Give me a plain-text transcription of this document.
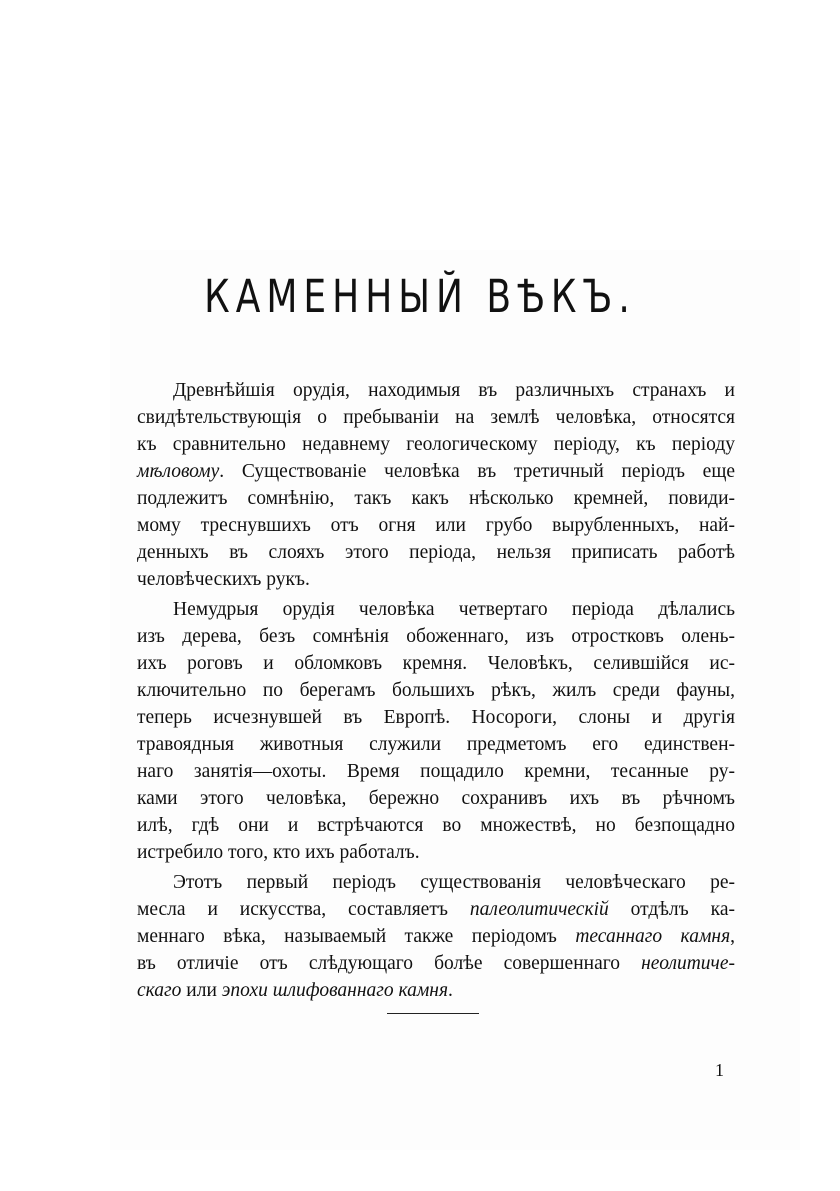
КАМЕННЫЙ ВѢКЪ.
Древнѣйшія орудія, находимыя въ различныхъ странахъ и
свидѣтельствующія о пребываніи на землѣ человѣка, относятся
къ сравнительно недавнему геологическому періоду, къ періоду
мѣловому. Существованіе человѣка въ третичный періодъ еще
подлежитъ сомнѣнію, такъ какъ нѣсколько кремней, повиди-
мому треснувшихъ отъ огня или грубо вырубленныхъ, най-
денныхъ въ слояхъ этого періода, нельзя приписать работѣ
человѣческихъ рукъ.
Немудрыя орудія человѣка четвертаго періода дѣлались
изъ дерева, безъ сомнѣнія обоженнаго, изъ отростковъ олень-
ихъ роговъ и обломковъ кремня. Человѣкъ, селившійся ис-
ключительно по берегамъ большихъ рѣкъ, жилъ среди фауны,
теперь исчезнувшей въ Европѣ. Носороги, слоны и другія
травоядныя животныя служили предметомъ его единствен-
наго занятія—охоты. Время пощадило кремни, тесанные ру-
ками этого человѣка, бережно сохранивъ ихъ въ рѣчномъ
илѣ, гдѣ они и встрѣчаются во множествѣ, но безпощадно
истребило того, кто ихъ работалъ.
Этотъ первый періодъ существованія человѣческаго ре-
месла и искусства, составляетъ палеолитическій отдѣлъ ка-
меннаго вѣка, называемый также періодомъ тесаннаго камня,
въ отличіе отъ слѣдующаго болѣе совершеннаго неолитиче-
скаго или эпохи шлифованнаго камня.
1
